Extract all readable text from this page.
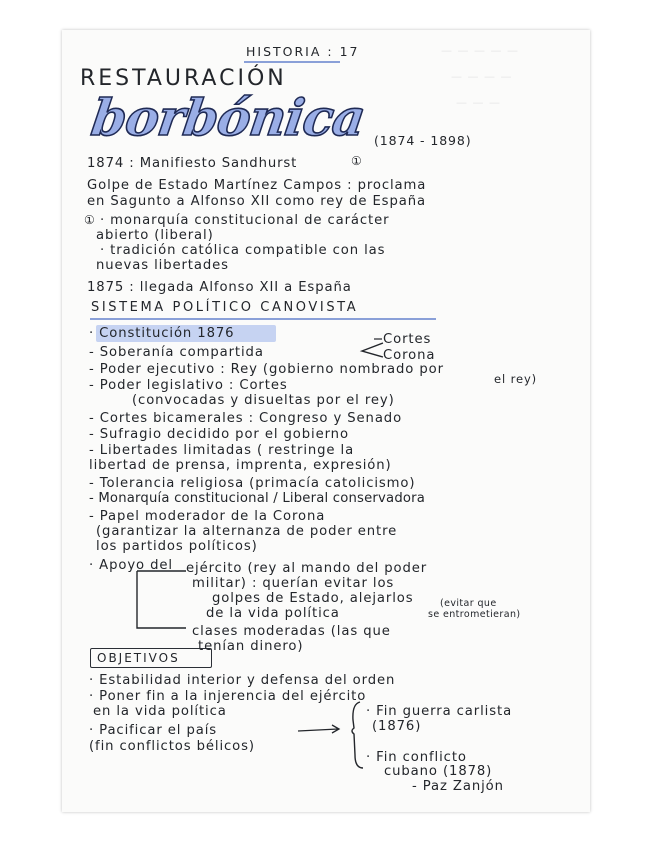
— — — — —
— — — —
— — —
HISTORIA : 17
RESTAURACIÓN
borbónica (1874 - 1898)
1874 : Manifiesto Sandhurst	①
Golpe de Estado Martínez Campos : proclama
en Sagunto a Alfonso XII como rey de España
① · monarquía constitucional de carácter
abierto (liberal)
· tradición católica compatible con las
nuevas libertades
1875 : llegada Alfonso XII a España
SISTEMA POLÍTICO CANOVISTA
· Constitución 1876
- Soberanía compartida
Cortes
Corona
- Poder ejecutivo : Rey (gobierno nombrado por
el rey)
- Poder legislativo : Cortes
(convocadas y disueltas por el rey)
- Cortes bicamerales : Congreso y Senado
- Sufragio decidido por el gobierno
- Libertades limitadas ( restringe la
libertad de prensa, imprenta, expresión)
- Tolerancia religiosa (primacía catolicismo)
- Monarquía constitucional / Liberal conservadora
- Papel moderador de la Corona
(garantizar la alternanza de poder entre
los partidos políticos)
· Apoyo del ejército (rey al mando del poder
militar) : querían evitar los
golpes de Estado, alejarlos
de la vida política
(evitar que
se entrometieran)
clases moderadas (las que
tenían dinero)
OBJETIVOS
· Estabilidad interior y defensa del orden
· Poner fin a la injerencia del ejército
en la vida política
· Pacificar el país
(fin conflictos bélicos)
· Fin guerra carlista
(1876)
· Fin conflicto
cubano (1878)
- Paz Zanjón
